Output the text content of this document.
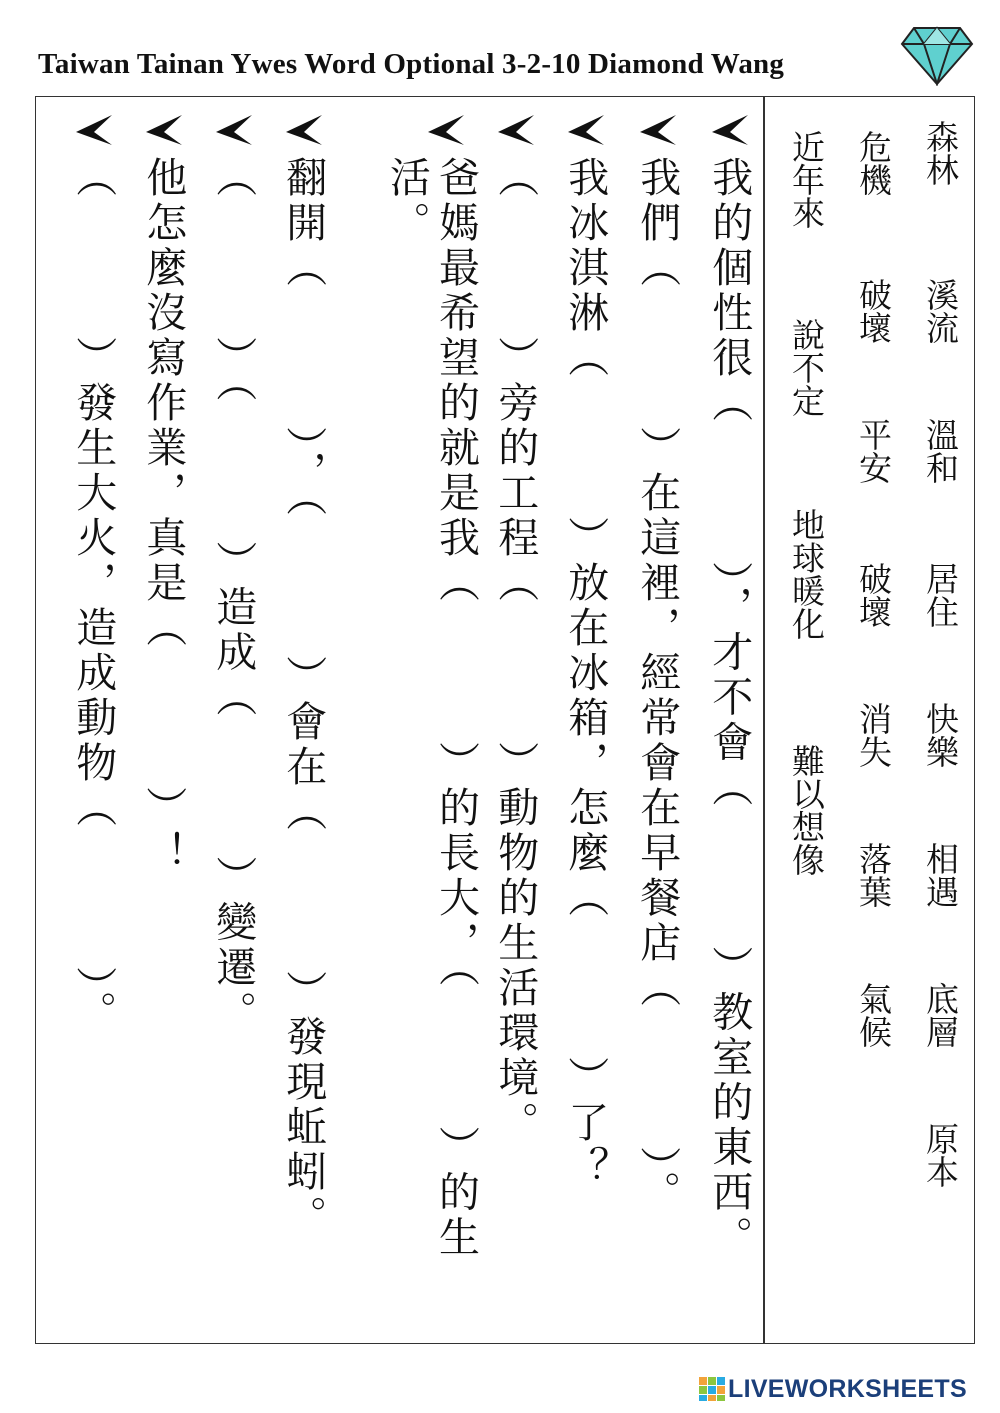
Taiwan Tainan Ywes Word Optional 3-2-10 Diamond Wang
森林
溪流
溫和
居住
快樂
相遇
底層
原本
危機
破壞
平安
破壞
消失
落葉
氣候
近年來
說不定
地球暖化
難以想像
我的個性很（　　　），才不會（　　　）教室的東西。
我們（　　　）在這裡，經常會在早餐店（　　　）。
我冰淇淋（　　　）放在冰箱，怎麼（　　　）了？
（　　　）旁的工程（　　　）動物的生活環境。
爸媽最希望的就是我（　　　）的長大，（　　　）的生活。
翻開（　　　），（　　　）會在（　　　）發現蚯蚓。
（　　　）（　　　）造成（　　　）變遷。
他怎麼沒寫作業，真是（　　　）！
（　　　）發生大火，造成動物（　　　）。
LIVEWORKSHEETS
